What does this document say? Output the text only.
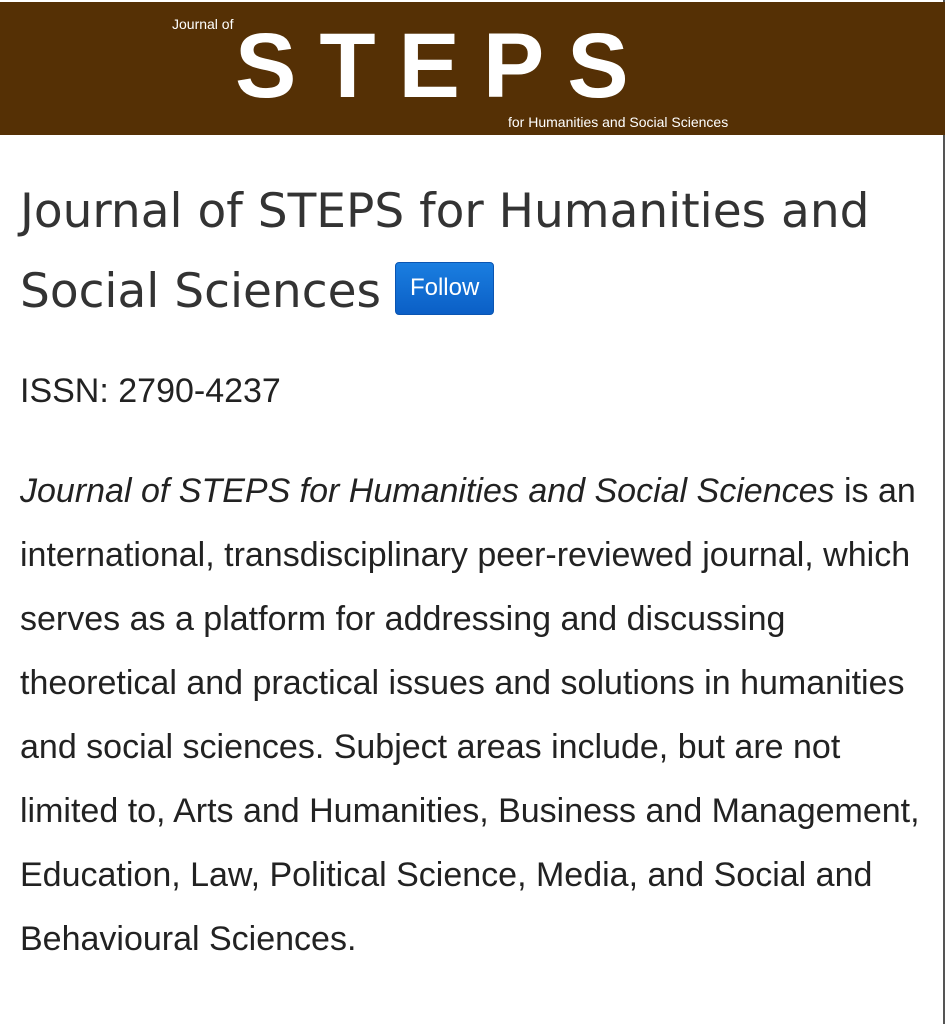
Journal of STEPS
for Humanities and Social Sciences
Journal of STEPS for Humanities and Social Sciences Follow

ISSN: 2790-4237

Journal of STEPS for Humanities and Social Sciences is an international, transdisciplinary peer-reviewed journal, which serves as a platform for addressing and discussing theoretical and practical issues and solutions in humanities and social sciences. Subject areas include, but are not limited to, Arts and Humanities, Business and Management, Education, Law, Political Science, Media, and Social and Behavioural Sciences.
